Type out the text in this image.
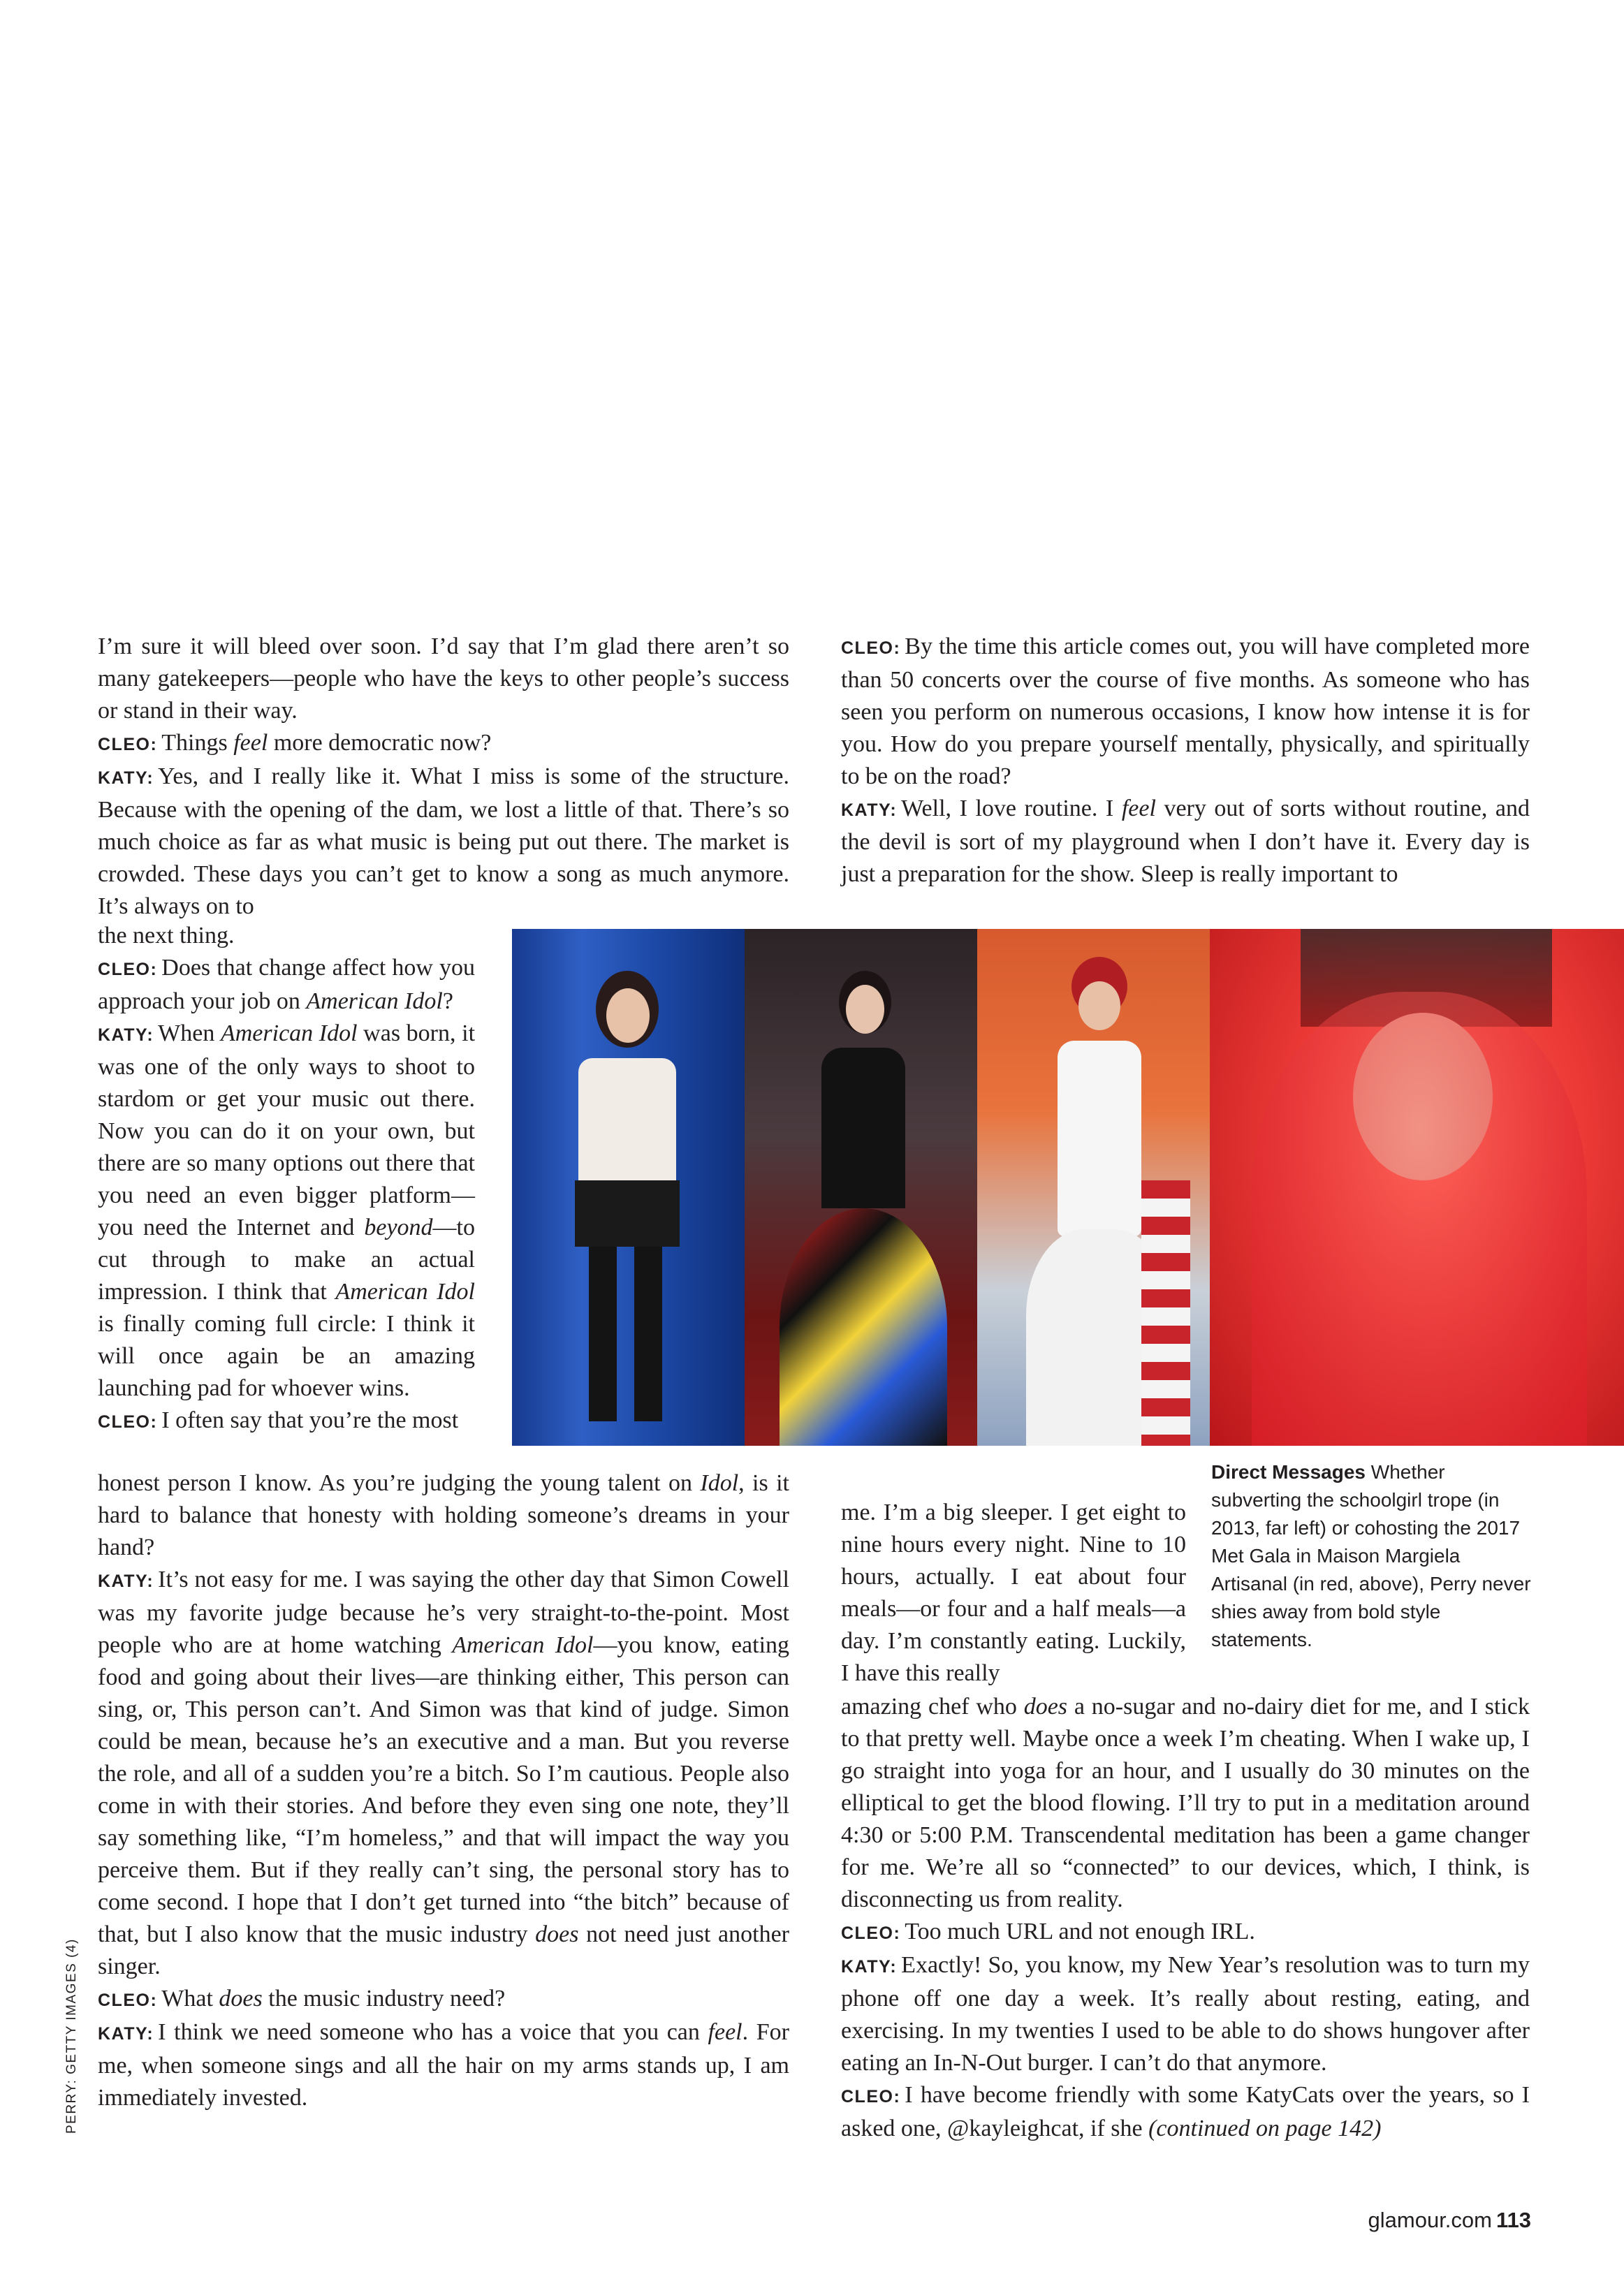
I’m sure it will bleed over soon. I’d say that I’m glad there aren’t so many gatekeepers—people who have the keys to other people’s success or stand in their way.

CLEO: Things feel more democratic now?

KATY: Yes, and I really like it. What I miss is some of the structure. Because with the opening of the dam, we lost a little of that. There’s so much choice as far as what music is being put out there. The market is crowded. These days you can’t get to know a song as much anymore. It’s always on to

the next thing.

CLEO: Does that change affect how you approach your job on American Idol?

KATY: When American Idol was born, it was one of the only ways to shoot to stardom or get your music out there. Now you can do it on your own, but there are so many options out there that you need an even bigger platform—you need the Internet and beyond—to cut through to make an actual impression. I think that American Idol is finally coming full circle: I think it will once again be an amazing launching pad for whoever wins.

CLEO: I often say that you’re the most

honest person I know. As you’re judging the young talent on Idol, is it hard to balance that honesty with holding someone’s dreams in your hand?

KATY: It’s not easy for me. I was saying the other day that Simon Cowell was my favorite judge because he’s very straight-to-the-point. Most people who are at home watching American Idol—you know, eating food and going about their lives—are thinking either, This person can sing, or, This person can’t. And Simon was that kind of judge. Simon could be mean, because he’s an executive and a man. But you reverse the role, and all of a sudden you’re a bitch. So I’m cautious. People also come in with their stories. And before they even sing one note, they’ll say something like, “I’m homeless,” and that will impact the way you perceive them. But if they really can’t sing, the personal story has to come second. I hope that I don’t get turned into “the bitch” because of that, but I also know that the music industry does not need just another singer.

CLEO: What does the music industry need?

KATY: I think we need someone who has a voice that you can feel. For me, when someone sings and all the hair on my arms stands up, I am immediately invested.

CLEO: By the time this article comes out, you will have completed more than 50 concerts over the course of five months. As someone who has seen you perform on numerous occasions, I know how intense it is for you. How do you prepare yourself mentally, physically, and spiritually to be on the road?

KATY: Well, I love routine. I feel very out of sorts without routine, and the devil is sort of my playground when I don’t have it. Every day is just a preparation for the show. Sleep is really important to

me. I’m a big sleeper. I get eight to nine hours every night. Nine to 10 hours, actually. I eat about four meals—or four and a half meals—a day. I’m constantly eating. Luckily, I have this really

amazing chef who does a no-sugar and no-dairy diet for me, and I stick to that pretty well. Maybe once a week I’m cheating. When I wake up, I go straight into yoga for an hour, and I usually do 30 minutes on the elliptical to get the blood flowing. I’ll try to put in a meditation around 4:30 or 5:00 P.M. Transcendental meditation has been a game changer for me. We’re all so “connected” to our devices, which, I think, is disconnecting us from reality.

CLEO: Too much URL and not enough IRL.

KATY: Exactly! So, you know, my New Year’s resolution was to turn my phone off one day a week. It’s really about resting, eating, and exercising. In my twenties I used to be able to do shows hungover after eating an In-N-Out burger. I can’t do that anymore.

CLEO: I have become friendly with some KatyCats over the years, so I asked one, @kayleighcat, if she (continued on page 142)

Direct Messages Whether subverting the schoolgirl trope (in 2013, far left) or cohosting the 2017 Met Gala in Maison Margiela Artisanal (in red, above), Perry never shies away from bold style statements.
PERRY: GETTY IMAGES (4)
glamour.com 113
